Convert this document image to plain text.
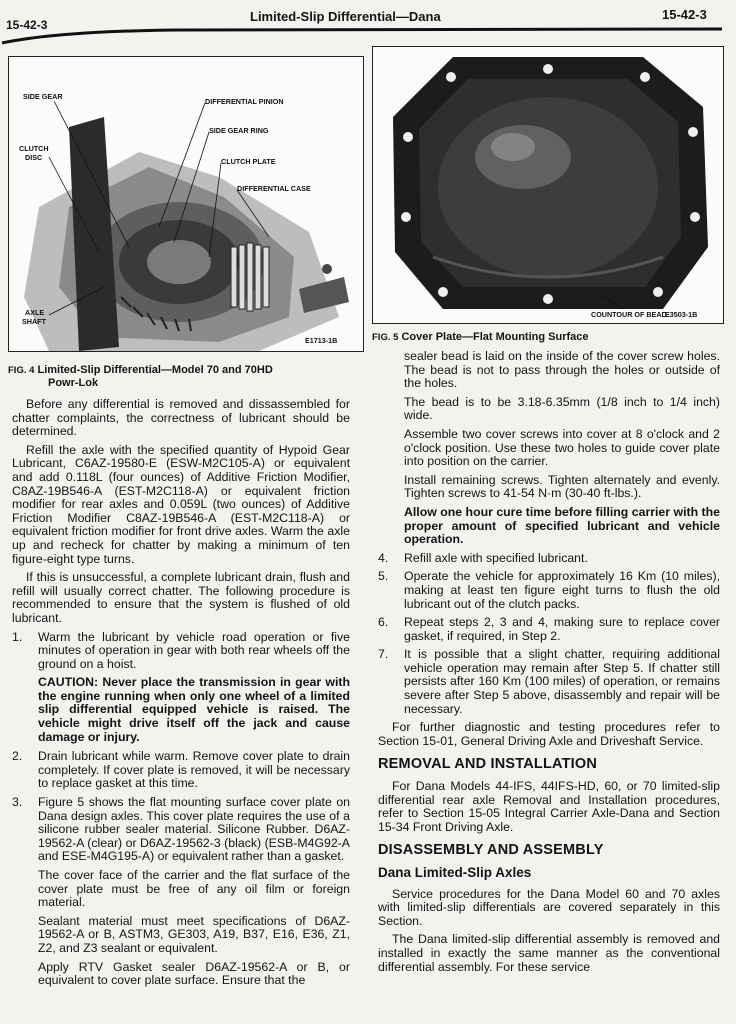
15-42-3
Limited-Slip Differential—Dana	15-42-3
SIDE GEAR
DIFFERENTIAL PINION
SIDE GEAR RING
CLUTCH
DISC	CLUTCH PLATE
DIFFERENTIAL CASE
AXLE
SHAFT
E1713-1B
FIG. 4 Limited-Slip Differential—Model 70 and 70HD
Powr-Lok
COUNTOUR OF BEAD
E3503-1B
FIG. 5 Cover Plate—Flat Mounting Surface

Before any differential is removed and dissassembled for chatter complaints, the correctness of lubricant should be determined.

Refill the axle with the specified quantity of Hypoid Gear Lubricant, C6AZ-19580-E (ESW-M2C105-A) or equivalent and add 0.118L (four ounces) of Additive Friction Modifier, C8AZ-19B546-A (EST-M2C118-A) or equivalent friction modifier for rear axles and 0.059L (two ounces) of Additive Friction Modifier C8AZ-19B546-A (EST-M2C118-A) or equivalent friction modifier for front drive axles. Warm the axle up and recheck for chatter by making a minimum of ten figure-eight type turns.

If this is unsuccessful, a complete lubricant drain, flush and refill will usually correct chatter. The following procedure is recommended to ensure that the system is flushed of old lubricant.

1. Warm the lubricant by vehicle road operation or five minutes of operation in gear with both rear wheels off the ground on a hoist.
CAUTION: Never place the transmission in gear with the engine running when only one wheel of a limited slip differential equipped vehicle is raised. The vehicle might drive itself off the jack and cause damage or injury.
2. Drain lubricant while warm. Remove cover plate to drain completely. If cover plate is removed, it will be necessary to replace gasket at this time.
3. Figure 5 shows the flat mounting surface cover plate on Dana design axles. This cover plate requires the use of a silicone rubber sealer material. Silicone Rubber. D6AZ-19562-A (clear) or D6AZ-19562-3 (black) (ESB-M4G92-A and ESE-M4G195-A) or equivalent rather than a gasket.

The cover face of the carrier and the flat surface of the cover plate must be free of any oil film or foreign material.

Sealant material must meet specifications of D6AZ-19562-A or B, ASTM3, GE303, A19, B37, E16, E36, Z1, Z2, and Z3 sealant or equivalent.

Apply RTV Gasket sealer D6AZ-19562-A or B, or equivalent to cover plate surface. Ensure that the

sealer bead is laid on the inside of the cover screw holes. The bead is not to pass through the holes or outside of the holes.

The bead is to be 3.18-6.35mm (1/8 inch to 1/4 inch) wide.

Assemble two cover screws into cover at 8 o'clock and 2 o'clock position. Use these two holes to guide cover plate into position on the carrier.

Install remaining screws. Tighten alternately and evenly. Tighten screws to 41-54 N·m (30-40 ft-lbs.).

Allow one hour cure time before filling carrier with the proper amount of specified lubricant and vehicle operation.

4. Refill axle with specified lubricant.
5. Operate the vehicle for approximately 16 Km (10 miles), making at least ten figure eight turns to flush the old lubricant out of the clutch packs.
6. Repeat steps 2, 3 and 4, making sure to replace cover gasket, if required, in Step 2.
7. It is possible that a slight chatter, requiring additional vehicle operation may remain after Step 5. If chatter still persists after 160 Km (100 miles) of operation, or remains severe after Step 5 above, disassembly and repair will be necessary.

For further diagnostic and testing procedures refer to Section 15-01, General Driving Axle and Driveshaft Service.

REMOVAL AND INSTALLATION

For Dana Models 44-IFS, 44IFS-HD, 60, or 70 limited-slip differential rear axle Removal and Installation procedures, refer to Section 15-05 Integral Carrier Axle-Dana and Section 15-34 Front Driving Axle.

DISASSEMBLY AND ASSEMBLY
Dana Limited-Slip Axles

Service procedures for the Dana Model 60 and 70 axles with limited-slip differentials are covered separately in this Section.

The Dana limited-slip differential assembly is removed and installed in exactly the same manner as the conventional differential assembly. For these service
